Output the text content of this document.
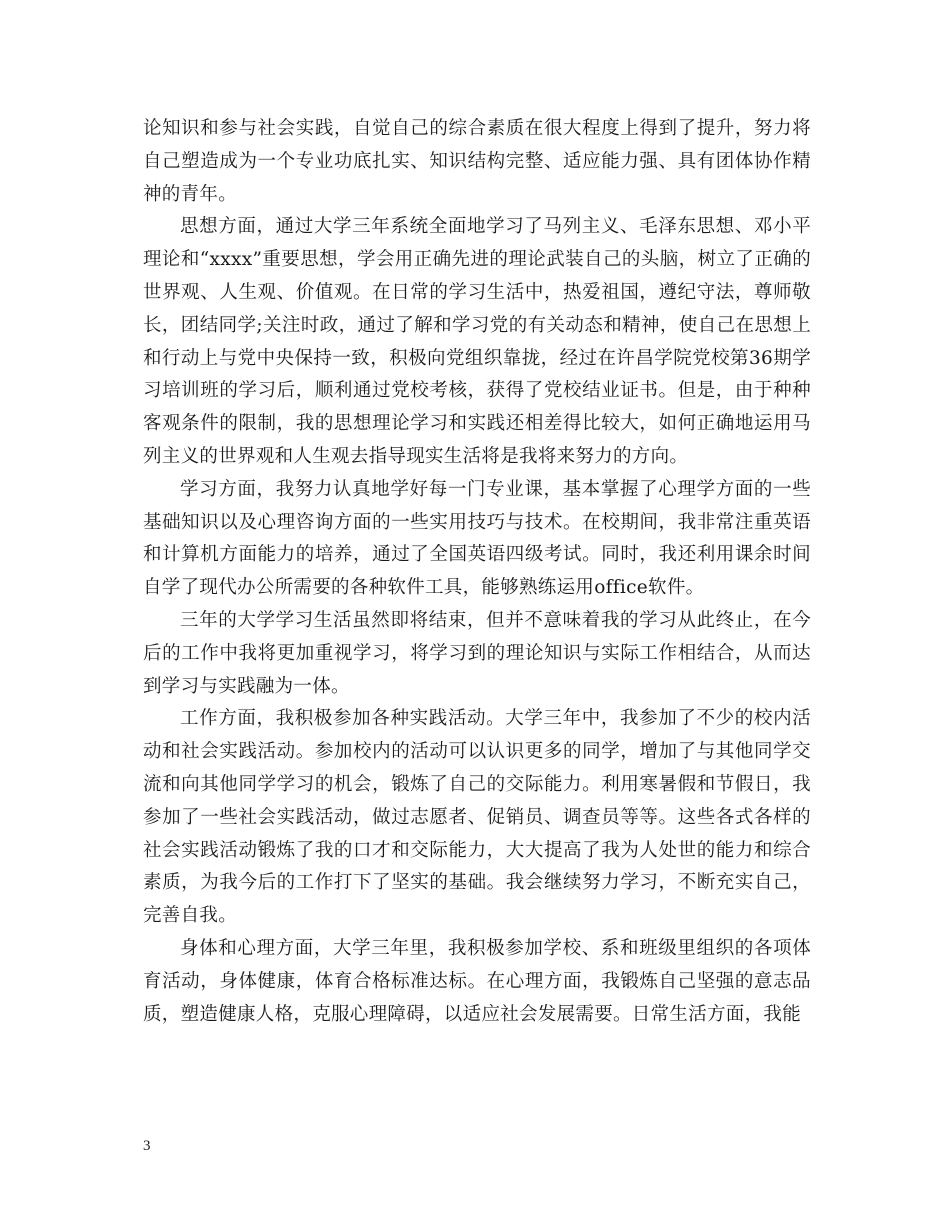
论知识和参与社会实践，自觉自己的综合素质在很大程度上得到了提升，努力将自己塑造成为一个专业功底扎实、知识结构完整、适应能力强、具有团体协作精神的青年。

思想方面，通过大学三年系统全面地学习了马列主义、毛泽东思想、邓小平理论和“xxxx”重要思想，学会用正确先进的理论武装自己的头脑，树立了正确的世界观、人生观、价值观。在日常的学习生活中，热爱祖国，遵纪守法，尊师敬长，团结同学;关注时政，通过了解和学习党的有关动态和精神，使自己在思想上和行动上与党中央保持一致，积极向党组织靠拢，经过在许昌学院党校第36期学习培训班的学习后，顺利通过党校考核，获得了党校结业证书。但是，由于种种客观条件的限制，我的思想理论学习和实践还相差得比较大，如何正确地运用马列主义的世界观和人生观去指导现实生活将是我将来努力的方向。

学习方面，我努力认真地学好每一门专业课，基本掌握了心理学方面的一些基础知识以及心理咨询方面的一些实用技巧与技术。在校期间，我非常注重英语和计算机方面能力的培养，通过了全国英语四级考试。同时，我还利用课余时间自学了现代办公所需要的各种软件工具，能够熟练运用office软件。

三年的大学学习生活虽然即将结束，但并不意味着我的学习从此终止，在今后的工作中我将更加重视学习，将学习到的理论知识与实际工作相结合，从而达到学习与实践融为一体。

工作方面，我积极参加各种实践活动。大学三年中，我参加了不少的校内活动和社会实践活动。参加校内的活动可以认识更多的同学，增加了与其他同学交流和向其他同学学习的机会，锻炼了自己的交际能力。利用寒暑假和节假日，我参加了一些社会实践活动，做过志愿者、促销员、调查员等等。这些各式各样的社会实践活动锻炼了我的口才和交际能力，大大提高了我为人处世的能力和综合素质，为我今后的工作打下了坚实的基础。我会继续努力学习，不断充实自己，完善自我。

身体和心理方面，大学三年里，我积极参加学校、系和班级里组织的各项体育活动，身体健康，体育合格标准达标。在心理方面，我锻炼自己坚强的意志品质，塑造健康人格，克服心理障碍，以适应社会发展需要。日常生活方面，我能

3
